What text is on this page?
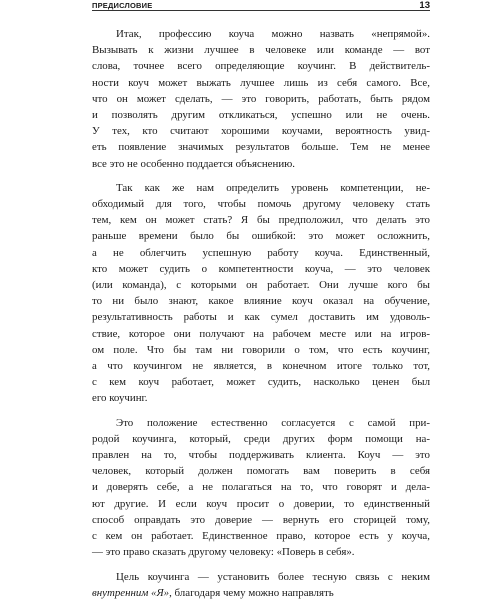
ПРЕДИСЛОВИЕ	13

Итак, профессию коуча можно назвать «непрямой».
Вызывать к жизни лучшее в человеке или команде — вот
слова, точнее всего определяющие коучинг. В действитель-
ности коуч может выжать лучшее лишь из себя самого. Все,
что он может сделать, — это говорить, работать, быть рядом
и позволять другим откликаться, успешно или не очень.
У тех, кто считают хорошими коучами, вероятность увид-
еть появление значимых результатов больше. Тем не менее
все это не особенно поддается объяснению.

Так как же нам определить уровень компетенции, не-
обходимый для того, чтобы помочь другому человеку стать
тем, кем он может стать? Я бы предположил, что делать это
раньше времени было бы ошибкой: это может осложнить,
а не облегчить успешную работу коуча. Единственный,
кто может судить о компетентности коуча, — это человек
(или команда), с которыми он работает. Они лучше кого бы
то ни было знают, какое влияние коуч оказал на обучение,
результативность работы и как сумел доставить им удоволь-
ствие, которое они получают на рабочем месте или на игров-
ом поле. Что бы там ни говорили о том, что есть коучинг,
а что коучингом не является, в конечном итоге только тот,
с кем коуч работает, может судить, насколько ценен был
его коучинг.

Это положение естественно согласуется с самой при-
родой коучинга, который, среди других форм помощи на-
правлен на то, чтобы поддерживать клиента. Коуч — это
человек, который должен помогать вам поверить в себя
и доверять себе, а не полагаться на то, что говорят и дела-
ют другие. И если коуч просит о доверии, то единственный
способ оправдать это доверие — вернуть его сторицей тому,
с кем он работает. Единственное право, которое есть у коуча,
— это право сказать другому человеку: «Поверь в себя».

Цель коучинга — установить более тесную связь с неким
внутренним «Я», благодаря чему можно направлять
